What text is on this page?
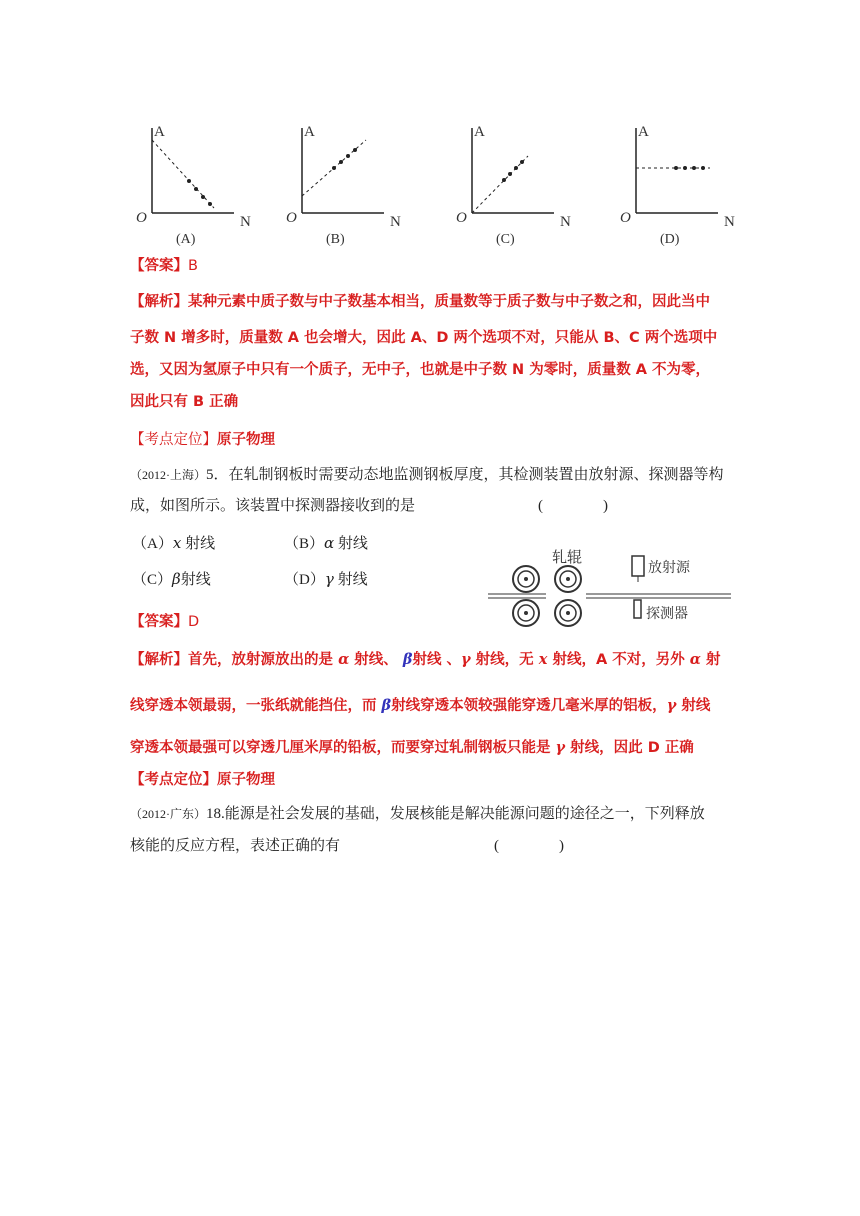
A
O	N
(A)
A
O	N
(B)
A
O	N
(C)
A
O	N
(D)
【答案】B
【解析】某种元素中质子数与中子数基本相当，质量数等于质子数与中子数之和，因此当中
子数 N 增多时，质量数 A 也会增大，因此 A、D 两个选项不对，只能从 B、C 两个选项中
选，又因为氢原子中只有一个质子，无中子，也就是中子数 N 为零时，质量数 A 不为零，
因此只有 B 正确
【考点定位】原子物理
（2012·上海）5．在轧制钢板时需要动态地监测钢板厚度，其检测装置由放射源、探测器等构
成，如图所示。该装置中探测器接收到的是	(　　　　)
（A）x 射线	（B）α 射线
（C）β射线	（D）γ 射线
轧辊
放射源
探测器
【答案】D
【解析】首先，放射源放出的是 α 射线、 β射线 、γ 射线，无 x 射线，A 不对，另外 α 射
线穿透本领最弱，一张纸就能挡住，而 β射线穿透本领较强能穿透几毫米厚的铝板，γ 射线
穿透本领最强可以穿透几厘米厚的铅板，而要穿过轧制钢板只能是 γ 射线，因此 D 正确
【考点定位】原子物理
（2012·广东）18.能源是社会发展的基础，发展核能是解决能源问题的途径之一，下列释放
核能的反应方程，表述正确的有	(　　　　)
